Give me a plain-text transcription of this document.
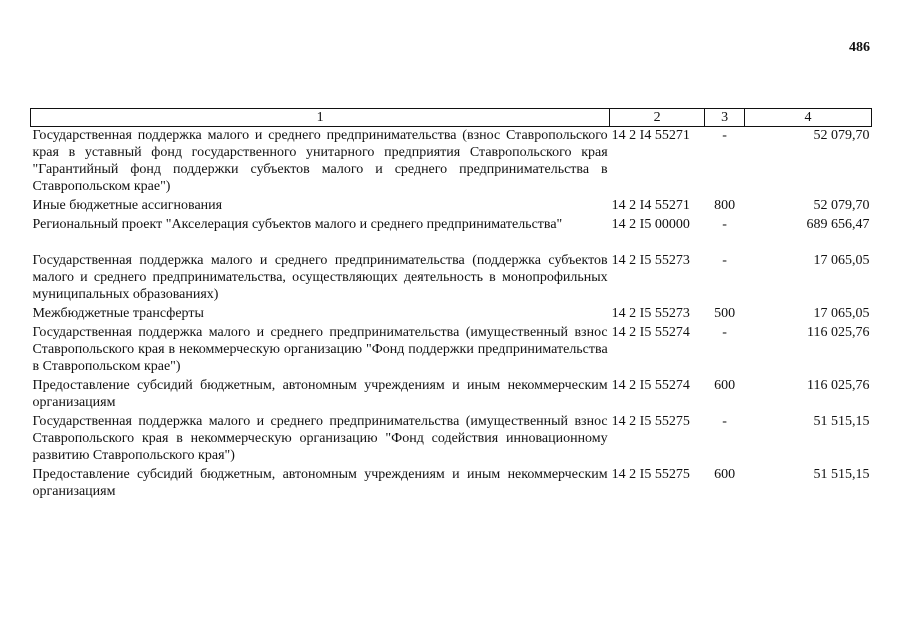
486
1	2	3	4
Государственная поддержка малого и среднего предпринимательства (взнос Ставропольского края в уставный фонд государственного унитарного предприятия Ставропольского края "Гарантийный фонд поддержки субъектов малого и среднего предпринимательства в Ставропольском крае")	14 2 I4 55271	-	52 079,70
Иные бюджетные ассигнования	14 2 I4 55271	800	52 079,70
Региональный проект "Акселерация субъектов малого и среднего предпринимательства"	14 2 I5 00000	-	689 656,47
Государственная поддержка малого и среднего предпринимательства (поддержка субъектов малого и среднего предпринимательства, осуществляющих деятельность в монопрофильных муниципальных образованиях)	14 2 I5 55273	-	17 065,05
Межбюджетные трансферты	14 2 I5 55273	500	17 065,05
Государственная поддержка малого и среднего предпринимательства (имущественный взнос Ставропольского края в некоммерческую организацию "Фонд поддержки предпринимательства в Ставропольском крае")	14 2 I5 55274	-	116 025,76
Предоставление субсидий бюджетным, автономным учреждениям и иным некоммерческим организациям	14 2 I5 55274	600	116 025,76
Государственная поддержка малого и среднего предпринимательства (имущественный взнос Ставропольского края в некоммерческую организацию "Фонд содействия инновационному развитию Ставропольского края")	14 2 I5 55275	-	51 515,15
Предоставление субсидий бюджетным, автономным учреждениям и иным некоммерческим организациям	14 2 I5 55275	600	51 515,15
